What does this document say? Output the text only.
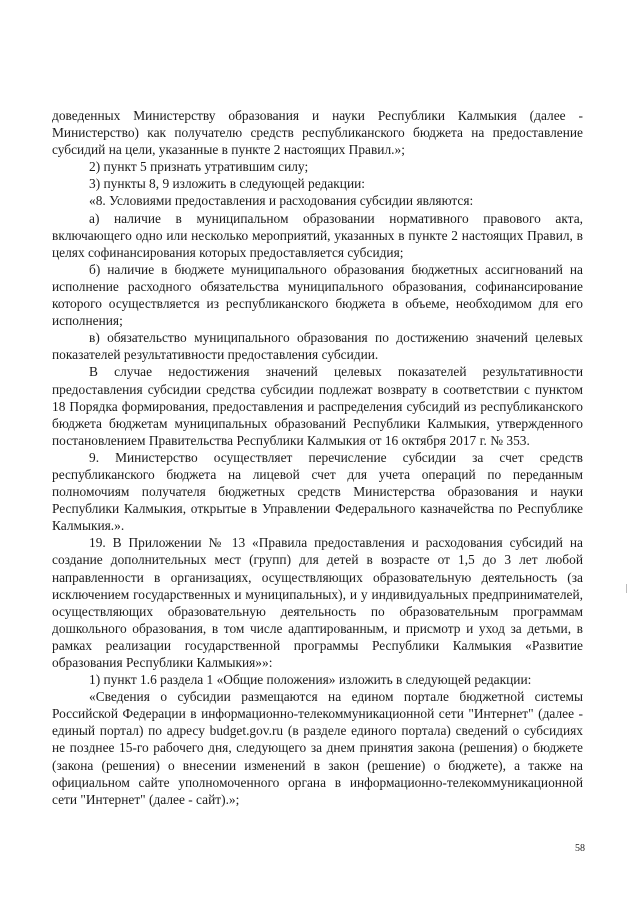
доведенных Министерству образования и науки Республики Калмыкия (далее - Министерство) как получателю средств республиканского бюджета на предоставление субсидий на цели, указанные в пункте 2 настоящих Правил.»;

2) пункт 5 признать утратившим силу;

3) пункты 8, 9 изложить в следующей редакции:

«8. Условиями предоставления и расходования субсидии являются:

а) наличие в муниципальном образовании нормативного правового акта, включающего одно или несколько мероприятий, указанных в пункте 2 настоящих Правил, в целях софинансирования которых предоставляется субсидия;

б) наличие в бюджете муниципального образования бюджетных ассигнований на исполнение расходного обязательства муниципального образования, софинансирование которого осуществляется из республиканского бюджета в объеме, необходимом для его исполнения;

в) обязательство муниципального образования по достижению значений целевых показателей результативности предоставления субсидии.

В случае недостижения значений целевых показателей результативности предоставления субсидии средства субсидии подлежат возврату в соответствии с пунктом 18 Порядка формирования, предоставления и распределения субсидий из республиканского бюджета бюджетам муниципальных образований Республики Калмыкия, утвержденного постановлением Правительства Республики Калмыкия от 16 октября 2017 г. № 353.

9. Министерство осуществляет перечисление субсидии за счет средств республиканского бюджета на лицевой счет для учета операций по переданным полномочиям получателя бюджетных средств Министерства образования и науки Республики Калмыкия, открытые в Управлении Федерального казначейства по Республике Калмыкия.».

19. В Приложении № 13 «Правила предоставления и расходования субсидий на создание дополнительных мест (групп) для детей в возрасте от 1,5 до 3 лет любой направленности в организациях, осуществляющих образовательную деятельность (за исключением государственных и муниципальных), и у индивидуальных предпринимателей, осуществляющих образовательную деятельность по образовательным программам дошкольного образования, в том числе адаптированным, и присмотр и уход за детьми, в рамках реализации государственной программы Республики Калмыкия «Развитие образования Республики Калмыкия»»:

1) пункт 1.6 раздела 1 «Общие положения» изложить в следующей редакции:

«Сведения о субсидии размещаются на едином портале бюджетной системы Российской Федерации в информационно-телекоммуникационной сети "Интернет" (далее - единый портал) по адресу budget.gov.ru (в разделе единого портала) сведений о субсидиях не позднее 15-го рабочего дня, следующего за днем принятия закона (решения) о бюджете (закона (решения) о внесении изменений в закон (решение) о бюджете), а также на официальном сайте уполномоченного органа в информационно-телекоммуникационной сети "Интернет" (далее - сайт).»;

58
